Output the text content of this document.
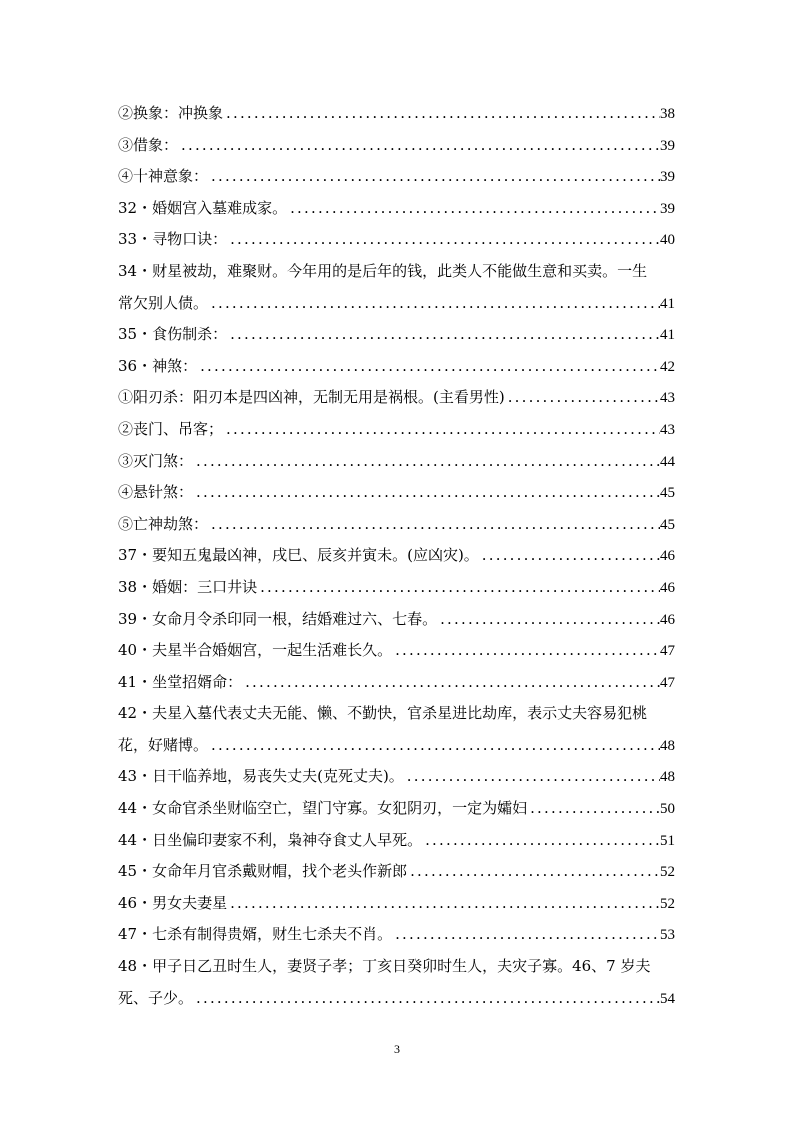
②换象：冲换象 .....	38
③借象： .....	39
④十神意象： .....	39
32・婚姻宫入墓难成家。 .....	39
33・寻物口诀： .....	40
34・财星被劫，难聚财。今年用的是后年的钱，此类人不能做生意和买卖。一生
常欠别人债。 .....	41
35・食伤制杀： .....	41
36・神煞： .....	42
①阳刃杀：阳刃本是四凶神，无制无用是祸根。(主看男性) .....	43
②丧门、吊客； .....	43
③灭门煞： .....	44
④悬针煞： .....	45
⑤亡神劫煞： .....	45
37・要知五鬼最凶神，戌巳、辰亥并寅未。(应凶灾)。 .....	46
38・婚姻：三口井诀 .....	46
39・女命月令杀印同一根，结婚难过六、七春。 .....	46
40・夫星半合婚姻宫，一起生活难长久。 .....	47
41・坐堂招婿命： .....	47
42・夫星入墓代表丈夫无能、懒、不勤快，官杀星进比劫库，表示丈夫容易犯桃
花，好赌博。 .....	48
43・日干临养地，易丧失丈夫(克死丈夫)。 .....	48
44・女命官杀坐财临空亡，望门守寡。女犯阴刃，一定为孀妇 .....	50
44・日坐偏印妻家不利，枭神夺食丈人早死。 .....	51
45・女命年月官杀戴财帽，找个老头作新郎 .....	52
46・男女夫妻星 .....	52
47・七杀有制得贵婿，财生七杀夫不肖。 .....	53
48・甲子日乙丑时生人，妻贤子孝；丁亥日癸卯时生人，夫灾子寡。46、7 岁夫
死、子少。 .....	54
3
